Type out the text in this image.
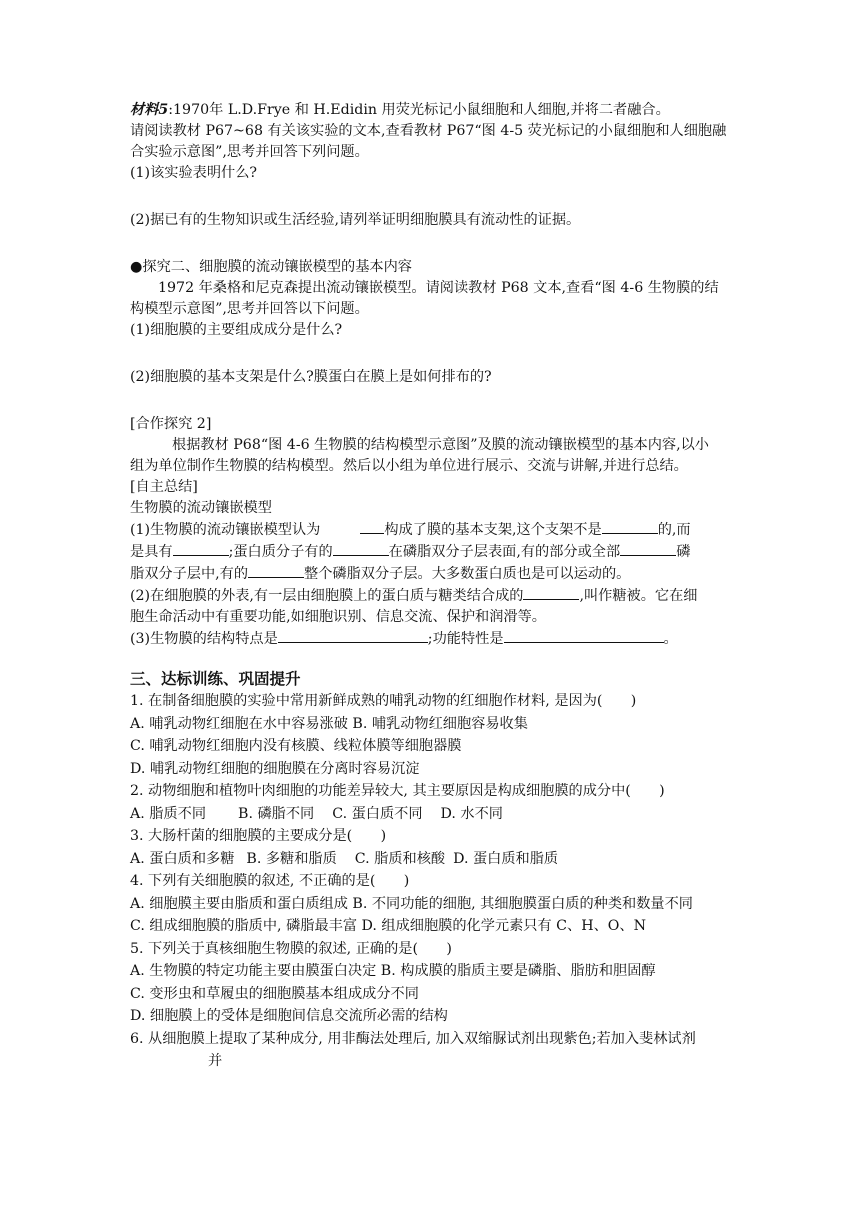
材料5:1970年 L.D.Frye 和 H.Edidin 用荧光标记小鼠细胞和人细胞,并将二者融合。
请阅读教材 P67~68 有关该实验的文本,查看教材 P67“图 4-5 荧光标记的小鼠细胞和人细胞融
合实验示意图”,思考并回答下列问题。
(1)该实验表明什么?
(2)据已有的生物知识或生活经验,请列举证明细胞膜具有流动性的证据。
●探究二、细胞膜的流动镶嵌模型的基本内容
1972 年桑格和尼克森提出流动镶嵌模型。请阅读教材 P68 文本,查看“图 4-6 生物膜的结
构模型示意图”,思考并回答以下问题。
(1)细胞膜的主要组成成分是什么?
(2)细胞膜的基本支架是什么?膜蛋白在膜上是如何排布的?
[合作探究 2]
根据教材 P68“图 4-6 生物膜的结构模型示意图”及膜的流动镶嵌模型的基本内容,以小
组为单位制作生物膜的结构模型。然后以小组为单位进行展示、交流与讲解,并进行总结。
[自主总结]
生物膜的流动镶嵌模型
(1)生物膜的流动镶嵌模型认为	构成了膜的基本支架,这个支架不是	的,而
是具有	;蛋白质分子有的	在磷脂双分子层表面,有的部分或全部	磷
脂双分子层中,有的	整个磷脂双分子层。大多数蛋白质也是可以运动的。
(2)在细胞膜的外表,有一层由细胞膜上的蛋白质与糖类结合成的	,叫作糖被。它在细
胞生命活动中有重要功能,如细胞识别、信息交流、保护和润滑等。
(3)生物膜的结构特点是	;功能特性是	。
三、达标训练、巩固提升
1. 在制备细胞膜的实验中常用新鲜成熟的哺乳动物的红细胞作材料, 是因为(　　)
A. 哺乳动物红细胞在水中容易涨破 B. 哺乳动物红细胞容易收集
C. 哺乳动物红细胞内没有核膜、线粒体膜等细胞器膜
D. 哺乳动物红细胞的细胞膜在分离时容易沉淀
2. 动物细胞和植物叶肉细胞的功能差异较大, 其主要原因是构成细胞膜的成分中(　　)
A. 脂质不同 B. 磷脂不同 C. 蛋白质不同 D. 水不同
3. 大肠杆菌的细胞膜的主要成分是(　　)
A. 蛋白质和多糖 B. 多糖和脂质 C. 脂质和核酸 D. 蛋白质和脂质
4. 下列有关细胞膜的叙述, 不正确的是(　　)
A. 细胞膜主要由脂质和蛋白质组成 B. 不同功能的细胞, 其细胞膜蛋白质的种类和数量不同
C. 组成细胞膜的脂质中, 磷脂最丰富 D. 组成细胞膜的化学元素只有 C、H、O、N
5. 下列关于真核细胞生物膜的叙述, 正确的是(　　)
A. 生物膜的特定功能主要由膜蛋白决定 B. 构成膜的脂质主要是磷脂、脂肪和胆固醇
C. 变形虫和草履虫的细胞膜基本组成成分不同
D. 细胞膜上的受体是细胞间信息交流所必需的结构
6. 从细胞膜上提取了某种成分, 用非酶法处理后, 加入双缩脲试剂出现紫色;若加入斐林试剂
并
